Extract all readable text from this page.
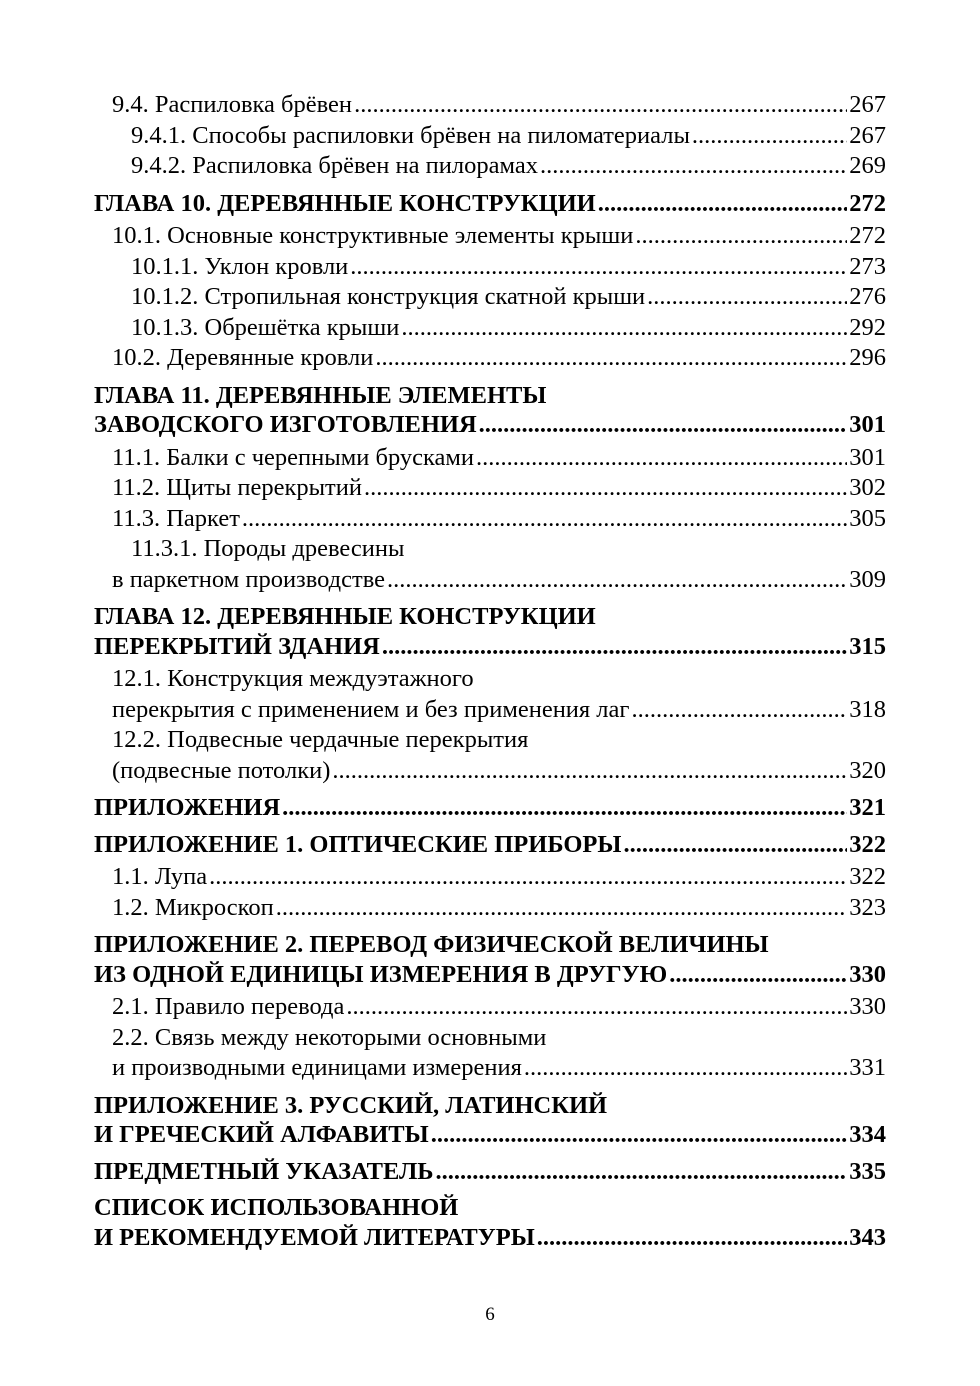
9.4. Распиловка брёвен .....	267
9.4.1. Способы распиловки брёвен на пиломатериалы .....	267
9.4.2. Распиловка брёвен на пилорамах .....	269
ГЛАВА 10. ДЕРЕВЯННЫЕ КОНСТРУКЦИИ .....	272
10.1. Основные конструктивные элементы крыши .....	272
10.1.1. Уклон кровли .....	273
10.1.2. Стропильная конструкция скатной крыши .....	276
10.1.3. Обрешётка крыши .....	292
10.2. Деревянные кровли .....	296
ГЛАВА 11. ДЕРЕВЯННЫЕ ЭЛЕМЕНТЫ
ЗАВОДСКОГО ИЗГОТОВЛЕНИЯ .....	301
11.1. Балки с черепными брусками .....	301
11.2. Щиты перекрытий .....	302
11.3. Паркет .....	305
11.3.1. Породы древесины
в паркетном производстве .....	309
ГЛАВА 12. ДЕРЕВЯННЫЕ КОНСТРУКЦИИ
ПЕРЕКРЫТИЙ ЗДАНИЯ .....	315
12.1. Конструкция междуэтажного
перекрытия с применением и без применения лаг .....	318
12.2. Подвесные чердачные перекрытия
(подвесные потолки) .....	320
ПРИЛОЖЕНИЯ .....	321
ПРИЛОЖЕНИЕ 1. ОПТИЧЕСКИЕ ПРИБОРЫ .....	322
1.1. Лупа .....	322
1.2. Микроскоп .....	323
ПРИЛОЖЕНИЕ 2. ПЕРЕВОД ФИЗИЧЕСКОЙ ВЕЛИЧИНЫ
ИЗ ОДНОЙ ЕДИНИЦЫ ИЗМЕРЕНИЯ В ДРУГУЮ .....	330
2.1. Правило перевода .....	330
2.2. Связь между некоторыми основными
и производными единицами измерения .....	331
ПРИЛОЖЕНИЕ 3. РУССКИЙ, ЛАТИНСКИЙ
И ГРЕЧЕСКИЙ АЛФАВИТЫ .....	334
ПРЕДМЕТНЫЙ УКАЗАТЕЛЬ .....	335
СПИСОК ИСПОЛЬЗОВАННОЙ
И РЕКОМЕНДУЕМОЙ ЛИТЕРАТУРЫ .....	343
6
